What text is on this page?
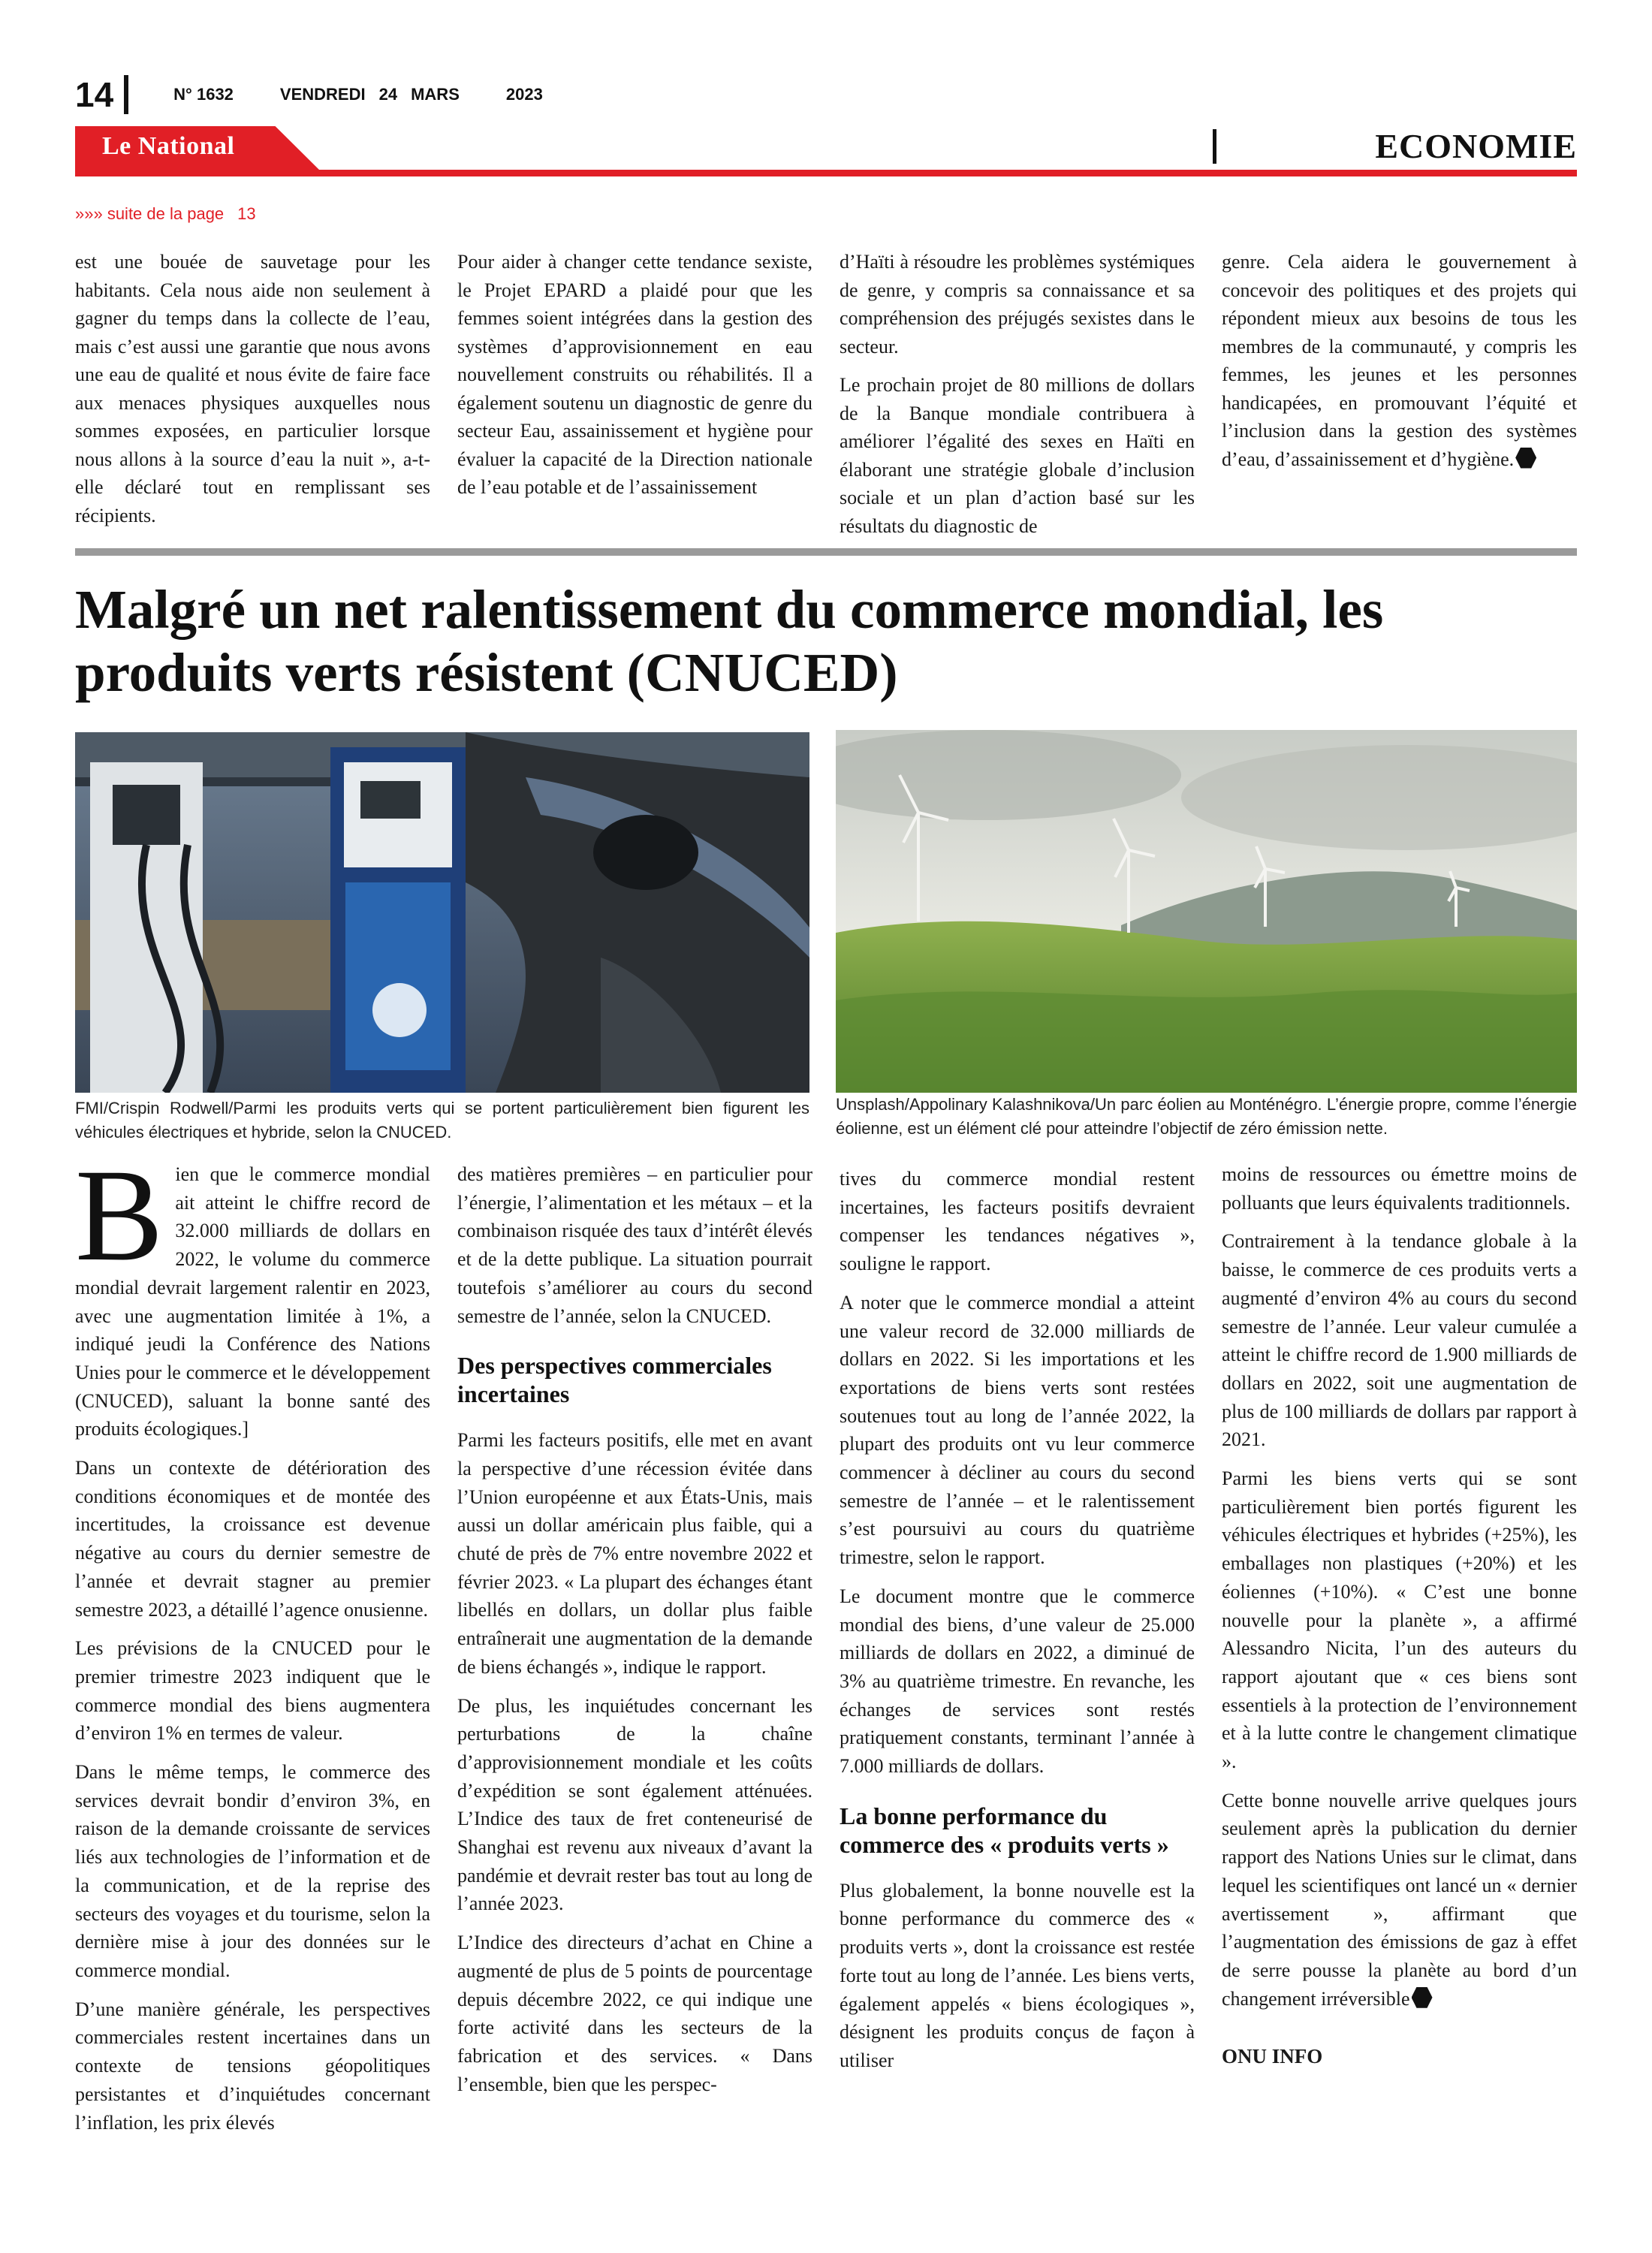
14	N° 1632	VENDREDI 24 MARS	2023
Le National	ECONOMIE
»»» suite de la page 13

est une bouée de sauvetage pour les habitants. Cela nous aide non seulement à gagner du temps dans la collecte de l’eau, mais c’est aussi une garantie que nous avons une eau de qualité et nous évite de faire face aux menaces physiques auxquelles nous sommes exposées, en particulier lorsque nous allons à la source d’eau la nuit », a-t-elle déclaré tout en remplissant ses récipients.

Pour aider à changer cette tendance sexiste, le Projet EPARD a plaidé pour que les femmes soient intégrées dans la gestion des systèmes d’approvisionnement en eau nouvellement construits ou réhabilités. Il a également soutenu un diagnostic de genre du secteur Eau, assainissement et hygiène pour évaluer la capacité de la Direction nationale de l’eau potable et de l’assainissement

d’Haïti à résoudre les problèmes systémiques de genre, y compris sa connaissance et sa compréhension des préjugés sexistes dans le secteur.

Le prochain projet de 80 millions de dollars de la Banque mondiale contribuera à améliorer l’égalité des sexes en Haïti en élaborant une stratégie globale d’inclusion sociale et un plan d’action basé sur les résultats du diagnostic de

genre. Cela aidera le gouvernement à concevoir des politiques et des projets qui répondent mieux aux besoins de tous les membres de la communauté, y compris les femmes, les jeunes et les personnes handicapées, en promouvant l’équité et l’inclusion dans la gestion des systèmes d’eau, d’assainissement et d’hygiène.

Malgré un net ralentissement du commerce mondial, les produits verts résistent (CNUCED)
FMI/Crispin Rodwell/Parmi les produits verts qui se portent particulièrement bien figurent les véhicules électriques et hybride, selon la CNUCED.
Unsplash/Appolinary Kalashnikova/Un parc éolien au Monténégro. L’énergie propre, comme l’énergie éolienne, est un élément clé pour atteindre l’objectif de zéro émission nette.

Bien que le commerce mondial ait atteint le chiffre record de 32.000 milliards de dollars en 2022, le volume du commerce mondial devrait largement ralentir en 2023, avec une augmentation limitée à 1%, a indiqué jeudi la Conférence des Nations Unies pour le commerce et le développement (CNUCED), saluant la bonne santé des produits écologiques.]

Dans un contexte de détérioration des conditions économiques et de montée des incertitudes, la croissance est devenue négative au cours du dernier semestre de l’année et devrait stagner au premier semestre 2023, a détaillé l’agence onusienne.

Les prévisions de la CNUCED pour le premier trimestre 2023 indiquent que le commerce mondial des biens augmentera d’environ 1% en termes de valeur.

Dans le même temps, le commerce des services devrait bondir d’environ 3%, en raison de la demande croissante de services liés aux technologies de l’information et de la communication, et de la reprise des secteurs des voyages et du tourisme, selon la dernière mise à jour des données sur le commerce mondial.

D’une manière générale, les perspectives commerciales restent incertaines dans un contexte de tensions géopolitiques persistantes et d’inquiétudes concernant l’inflation, les prix élevés

des matières premières – en particulier pour l’énergie, l’alimentation et les métaux – et la combinaison risquée des taux d’intérêt élevés et de la dette publique. La situation pourrait toutefois s’améliorer au cours du second semestre de l’année, selon la CNUCED.

Des perspectives commerciales incertaines

Parmi les facteurs positifs, elle met en avant la perspective d’une récession évitée dans l’Union européenne et aux États-Unis, mais aussi un dollar américain plus faible, qui a chuté de près de 7% entre novembre 2022 et février 2023. « La plupart des échanges étant libellés en dollars, un dollar plus faible entraînerait une augmentation de la demande de biens échangés », indique le rapport.

De plus, les inquiétudes concernant les perturbations de la chaîne d’approvisionnement mondiale et les coûts d’expédition se sont également atténuées. L’Indice des taux de fret conteneurisé de Shanghai est revenu aux niveaux d’avant la pandémie et devrait rester bas tout au long de l’année 2023.

L’Indice des directeurs d’achat en Chine a augmenté de plus de 5 points de pourcentage depuis décembre 2022, ce qui indique une forte activité dans les secteurs de la fabrication et des services. « Dans l’ensemble, bien que les perspec-

tives du commerce mondial restent incertaines, les facteurs positifs devraient compenser les tendances négatives », souligne le rapport.

A noter que le commerce mondial a atteint une valeur record de 32.000 milliards de dollars en 2022. Si les importations et les exportations de biens verts sont restées soutenues tout au long de l’année 2022, la plupart des produits ont vu leur commerce commencer à décliner au cours du second semestre de l’année – et le ralentissement s’est poursuivi au cours du quatrième trimestre, selon le rapport.

Le document montre que le commerce mondial des biens, d’une valeur de 25.000 milliards de dollars en 2022, a diminué de 3% au quatrième trimestre. En revanche, les échanges de services sont restés pratiquement constants, terminant l’année à 7.000 milliards de dollars.

La bonne performance du commerce des « produits verts »

Plus globalement, la bonne nouvelle est la bonne performance du commerce des « produits verts », dont la croissance est restée forte tout au long de l’année. Les biens verts, également appelés « biens écologiques », désignent les produits conçus de façon à utiliser

moins de ressources ou émettre moins de polluants que leurs équivalents traditionnels.

Contrairement à la tendance globale à la baisse, le commerce de ces produits verts a augmenté d’environ 4% au cours du second semestre de l’année. Leur valeur cumulée a atteint le chiffre record de 1.900 milliards de dollars en 2022, soit une augmentation de plus de 100 milliards de dollars par rapport à 2021.

Parmi les biens verts qui se sont particulièrement bien portés figurent les véhicules électriques et hybrides (+25%), les emballages non plastiques (+20%) et les éoliennes (+10%). « C’est une bonne nouvelle pour la planète », a affirmé Alessandro Nicita, l’un des auteurs du rapport ajoutant que « ces biens sont essentiels à la protection de l’environnement et à la lutte contre le changement climatique ».

Cette bonne nouvelle arrive quelques jours seulement après la publication du dernier rapport des Nations Unies sur le climat, dans lequel les scientifiques ont lancé un « dernier avertissement », affirmant que l’augmentation des émissions de gaz à effet de serre pousse la planète au bord d’un changement irréversible

ONU INFO
